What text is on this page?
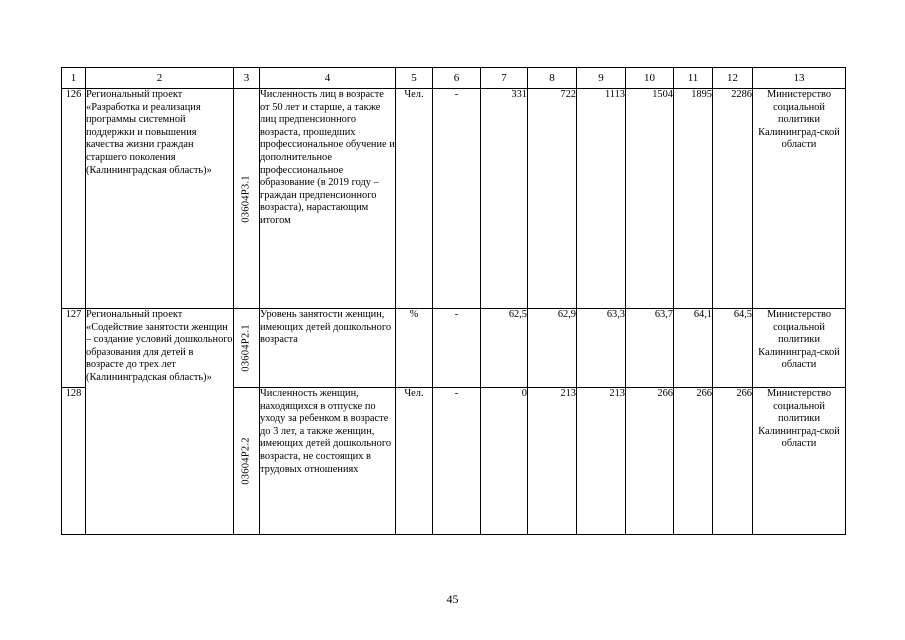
1	2	3	4	5	6	7	8	9	10	11	12	13
126	Региональный проект «Разработка и реализация программы системной поддержки и повышения качества жизни граждан старшего поколения (Калининградская область)»	03604P3.1	Численность лиц в возрасте от 50 лет и старше, а также лиц предпенсионного возраста, прошедших профессиональное обучение и дополнительное профессиональное образование (в 2019 году – граждан предпенсионного возраста), нарастающим итогом	Чел.	-	331	722	1113	1504	1895	2286	Министерство социальной политики Калининград-ской области
127	Региональный проект «Содействие занятости женщин – создание условий дошкольного образования для детей в возрасте до трех лет (Калининградская область)»	03604P2.1	Уровень занятости женщин, имеющих детей дошкольного возраста	%	-	62,5	62,9	63,3	63,7	64,1	64,5	Министерство социальной политики Калининград-ской области
128		03604P2.2	Численность женщин, находящихся в отпуске по уходу за ребенком в возрасте до 3 лет, а также женщин, имеющих детей дошкольного возраста, не состоящих в трудовых отношениях	Чел.	-	0	213	213	266	266	266	Министерство социальной политики Калининград-ской области
45
